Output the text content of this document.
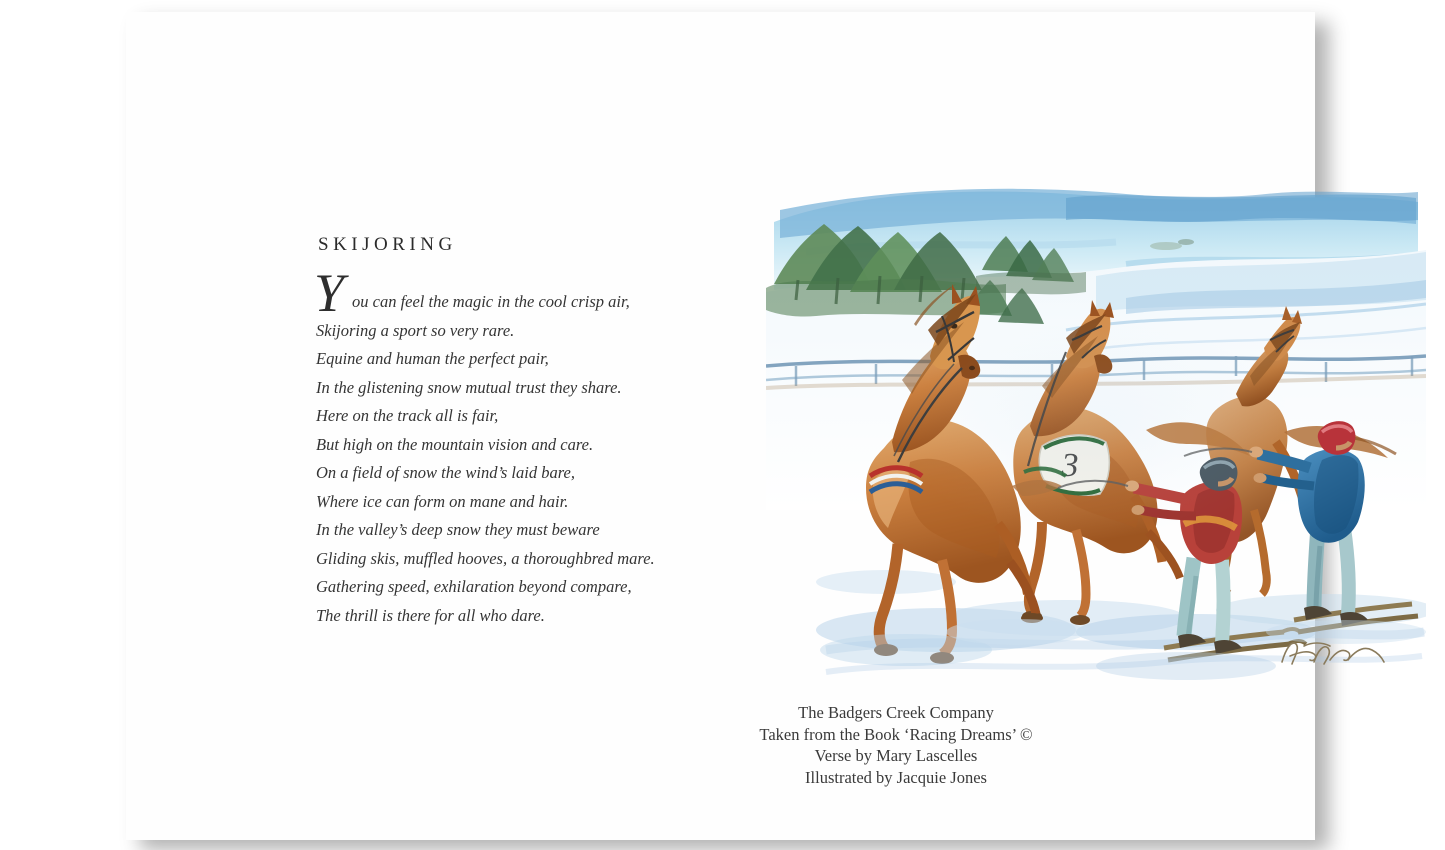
SKIJORING
Y ou can feel the magic in the cool crisp air,

Skijoring a sport so very rare.

Equine and human the perfect pair,

In the glistening snow mutual trust they share.

Here on the track all is fair,

But high on the mountain vision and care.

On a field of snow the wind’s laid bare,

Where ice can form on mane and hair.

In the valley’s deep snow they must beware

Gliding skis, muffled hooves, a thoroughbred mare.

Gathering speed, exhilaration beyond compare,

The thrill is there for all who dare.

3
The Badgers Creek Company
Taken from the Book ‘Racing Dreams’ ©
Verse by Mary Lascelles
Illustrated by Jacquie Jones
